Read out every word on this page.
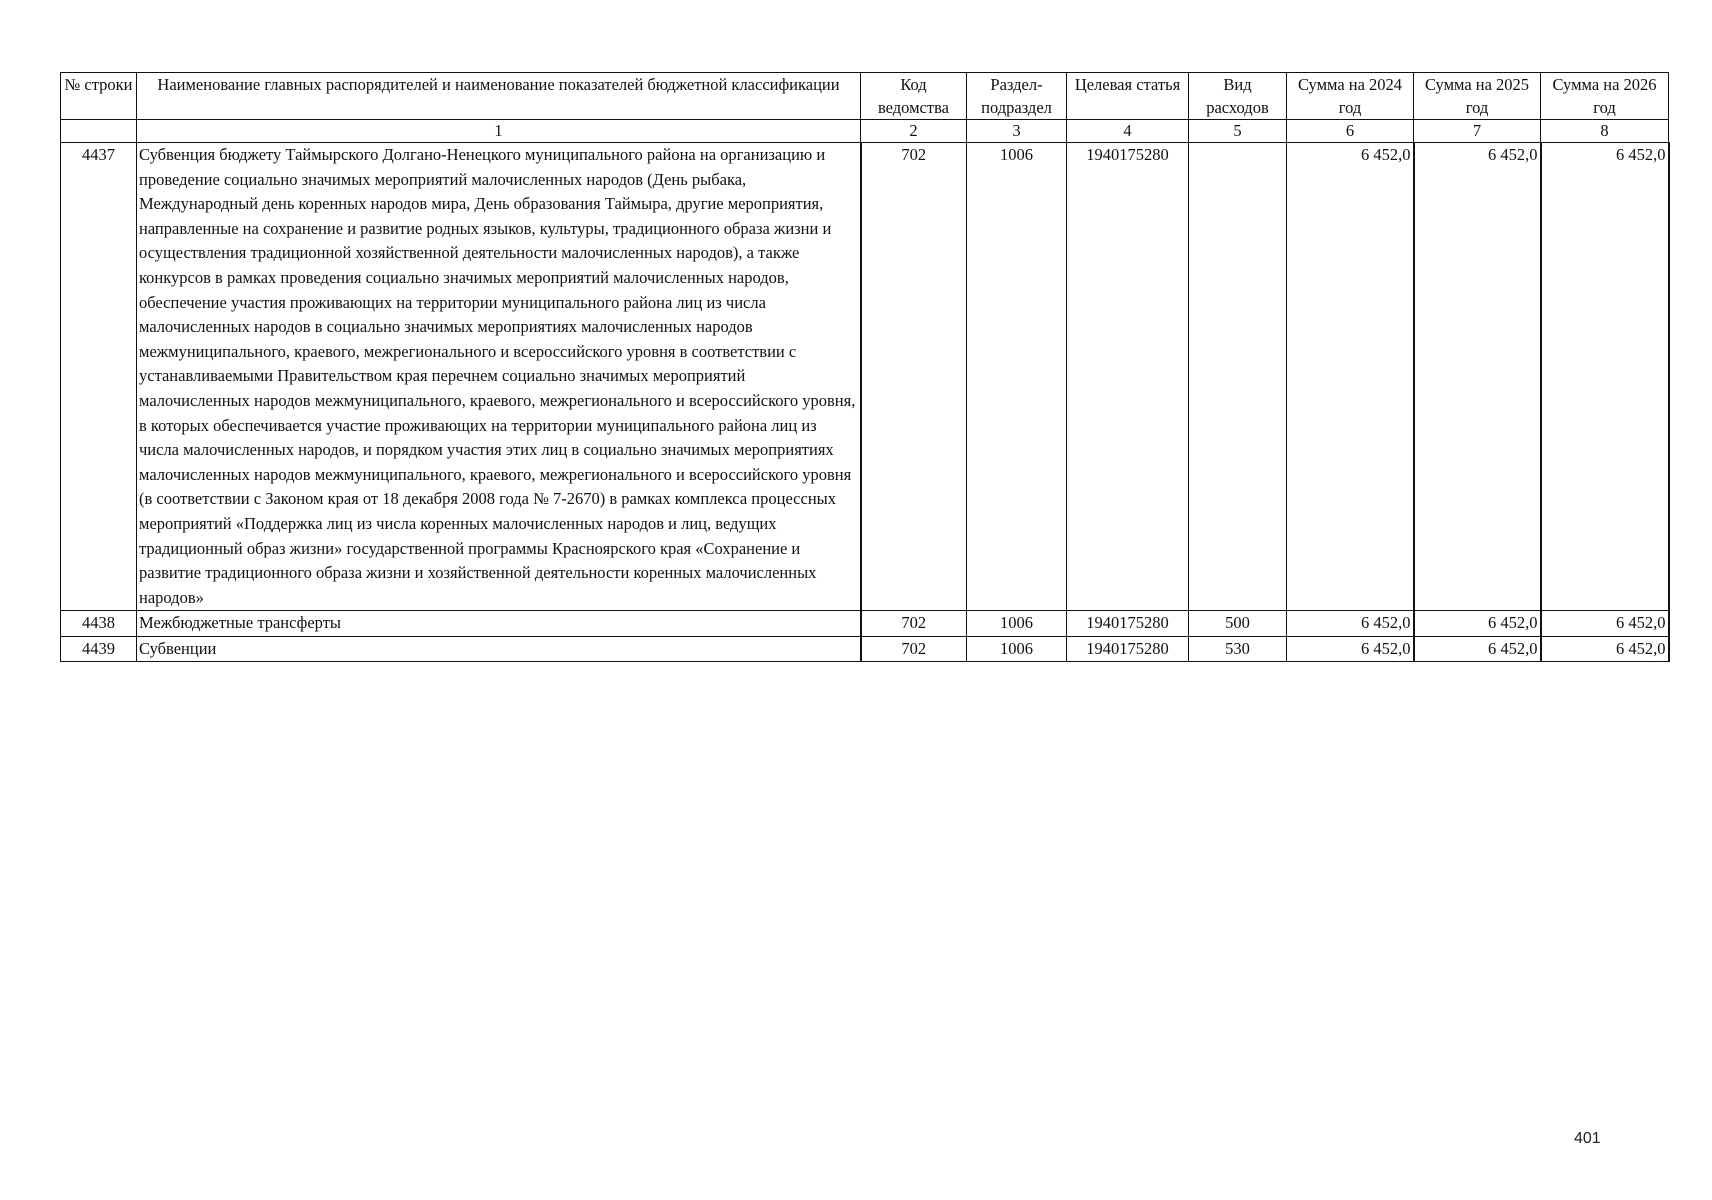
№ строки	Наименование главных распорядителей и наименование показателей бюджетной классификации	Код ведомства	Раздел-подраздел	Целевая статья	Вид расходов	Сумма на 2024 год	Сумма на 2025 год	Сумма на 2026 год
	1	2	3	4	5	6	7	8
4437	Субвенция бюджету Таймырского Долгано-Ненецкого муниципального района на организацию и проведение социально значимых мероприятий малочисленных народов (День рыбака, Международный день коренных народов мира, День образования Таймыра, другие мероприятия, направленные на сохранение и развитие родных языков, культуры, традиционного образа жизни и осуществления традиционной хозяйственной деятельности малочисленных народов), а также конкурсов в рамках проведения социально значимых мероприятий малочисленных народов, обеспечение участия проживающих на территории муниципального района лиц из числа малочисленных народов в социально значимых мероприятиях малочисленных народов межмуниципального, краевого, межрегионального и всероссийского уровня в соответствии с устанавливаемыми Правительством края перечнем социально значимых мероприятий малочисленных народов межмуниципального, краевого, межрегионального и всероссийского уровня, в которых обеспечивается участие проживающих на территории муниципального района лиц из числа малочисленных народов, и порядком участия этих лиц в социально значимых мероприятиях малочисленных народов межмуниципального, краевого, межрегионального и всероссийского уровня (в соответствии с Законом края от 18 декабря 2008 года № 7-2670) в рамках комплекса процессных мероприятий «Поддержка лиц из числа коренных малочисленных народов и лиц, ведущих традиционный образ жизни» государственной программы Красноярского края «Сохранение и развитие традиционного образа жизни и хозяйственной деятельности коренных малочисленных народов»	702	1006	1940175280		6 452,0	6 452,0	6 452,0
4438	Межбюджетные трансферты	702	1006	1940175280	500	6 452,0	6 452,0	6 452,0
4439	Субвенции	702	1006	1940175280	530	6 452,0	6 452,0	6 452,0
401
